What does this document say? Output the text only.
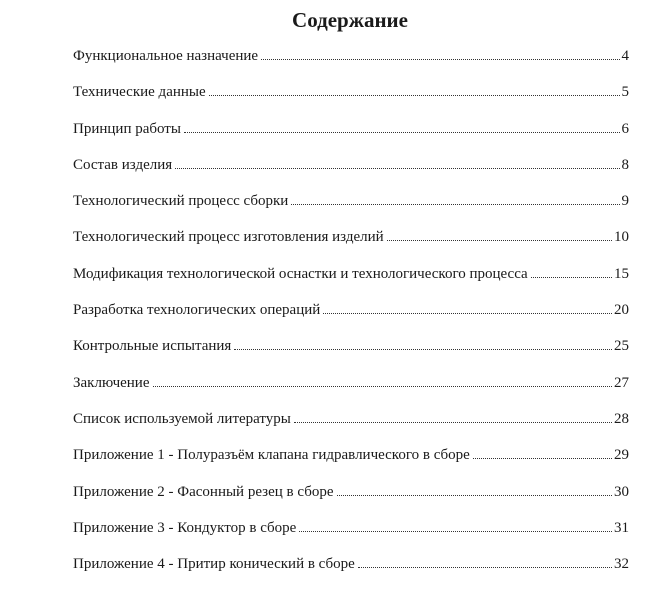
Содержание
Функциональное назначение	4
Технические данные	5
Принцип работы	6
Состав изделия	8
Технологический процесс сборки	9
Технологический процесс изготовления изделий	10
Модификация технологической оснастки и технологического процесса	15
Разработка технологических операций	20
Контрольные испытания	25
Заключение	27
Список используемой литературы	28
Приложение 1 - Полуразъём клапана гидравлического в сборе	29
Приложение 2 - Фасонный резец в сборе	30
Приложение 3 - Кондуктор в сборе	31
Приложение 4 - Притир конический в сборе	32
